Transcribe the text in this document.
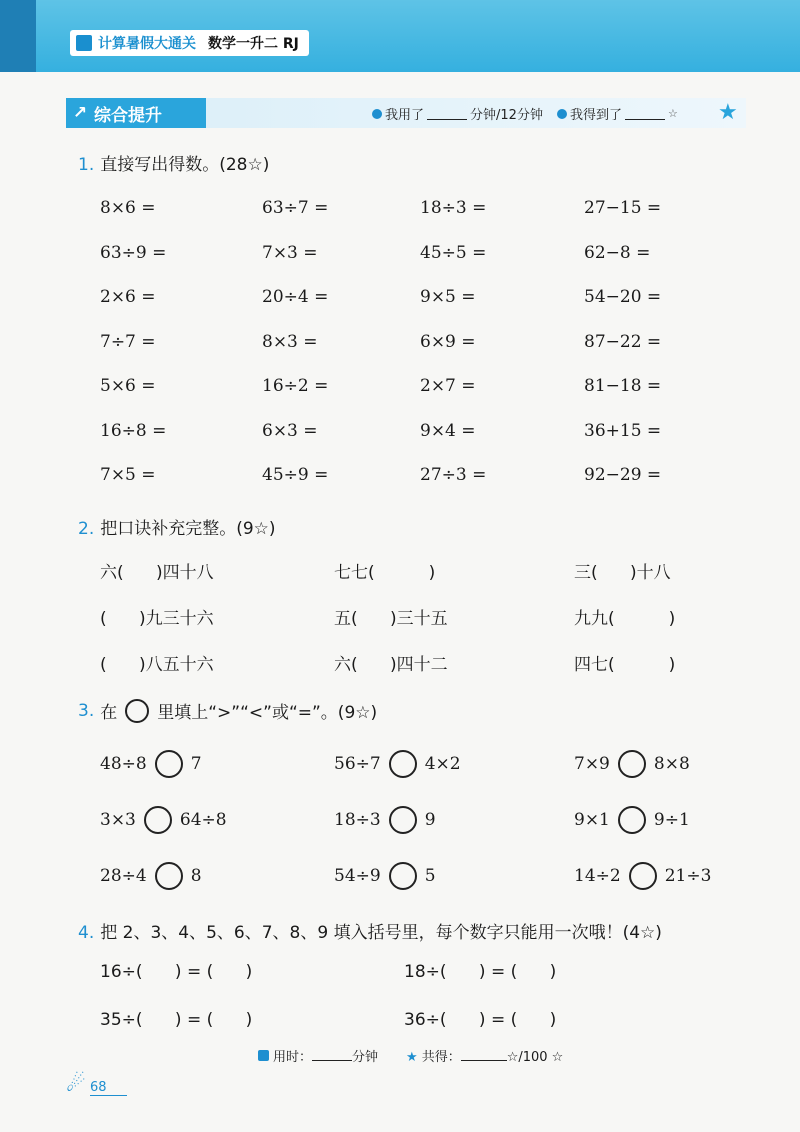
计算暑假大通关 数学一升二 RJ
↗ 综合提升	我用了	分钟/12分钟 我得到了	☆ ★
1. 直接写出得数。(28☆)
8×6 =	63÷7 =	18÷3 =	27−15 =
63÷9 =	7×3 =	45÷5 =	62−8 =
2×6 =	20÷4 =	9×5 =	54−20 =
7÷7 =	8×3 =	6×9 =	87−22 =
5×6 =	16÷2 =	2×7 =	81−18 =
16÷8 =	6×3 =	9×4 =	36+15 =
7×5 =	45÷9 =	27÷3 =	92−29 =
2. 把口诀补充完整。(9☆)
六(      )四十八	七七(          )	三(      )十八
(      )九三十六	五(      )三十五	九九(          )
(      )八五十六	六(      )四十二	四七(          )
3. 在 里填上“>”“<”或“=”。(9☆)
48÷8	7	56÷7	4×2	7×9	8×8
3×3	64÷8	18÷3	9	9×1	9÷1
28÷4	8	54÷9	5	14÷2	21÷3
4. 把 2、3、4、5、6、7、8、9 填入括号里，每个数字只能用一次哦！(4☆)
16÷(      ) = (      )	18÷(      ) = (      )
35÷(      ) = (      )	36÷(      ) = (      )
用时：	分钟 ★ 共得：	☆/100 ☆
☄ 68
